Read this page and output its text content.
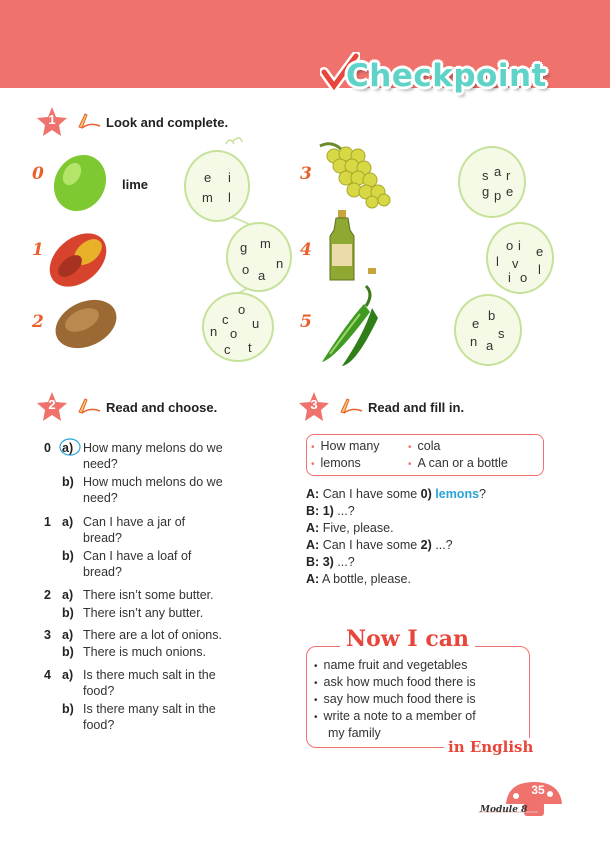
Checkpoint
1	Look and complete.
0
1
2
3
4
5
e i
m l
g m
o n
a
o
c
n
u
o
c t
s a r
g p e
o i e
l v l
i o
b
e
s
n a
lime
2	Read and choose.
0 a) How many melons do we
need?
b) How much melons do we
need?
1 a) Can I have a jar of
bread?
b) Can I have a loaf of
bread?
2 a) There isn’t some butter.
b) There isn’t any butter.
3 a) There are a lot of onions.
b) There is much onions.
4 a) Is there much salt in the
food?
b) Is there many salt in the
food?
3	Read and fill in.
• How many	• cola
• lemons	• A can or a bottle
A: Can I have some 0) lemons?
B: 1) ...?
A: Five, please.
A: Can I have some 2) ...?
B: 3) ...?
A: A bottle, please.
Now I can
• name fruit and vegetables
• ask how much food there is
• say how much food there is
• write a note to a member of
my family
in English
35
Module 8
